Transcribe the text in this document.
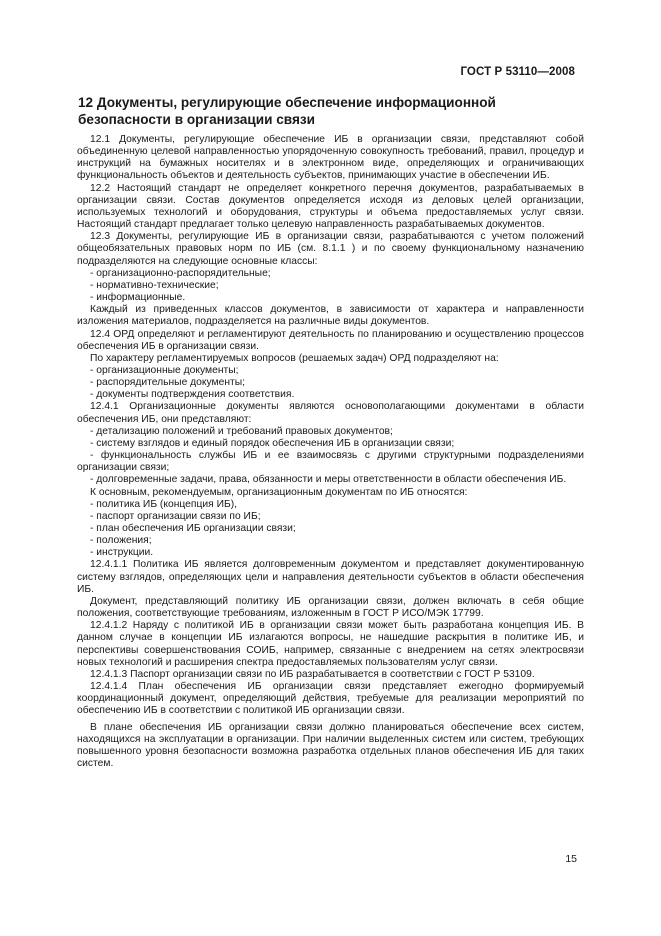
ГОСТ Р 53110—2008
12 Документы, регулирующие обеспечение информационной безопасности в организации связи

12.1 Документы, регулирующие обеспечение ИБ в организации связи, представляют собой объединенную целевой направленностью упорядоченную совокупность требований, правил, процедур и инструкций на бумажных носителях и в электронном виде, определяющих и ограничивающих функциональность объектов и деятельность субъектов, принимающих участие в обеспечении ИБ.

12.2 Настоящий стандарт не определяет конкретного перечня документов, разрабатываемых в организации связи. Состав документов определяется исходя из деловых целей организации, используемых технологий и оборудования, структуры и объема предоставляемых услуг связи. Настоящий стандарт предлагает только целевую направленность разрабатываемых документов.

12.3 Документы, регулирующие ИБ в организации связи, разрабатываются с учетом положений общеобязательных правовых норм по ИБ (см. 8.1.1 ) и по своему функциональному назначению подразделяются на следующие основные классы:

- организационно-распорядительные;

- нормативно-технические;

- информационные.

Каждый из приведенных классов документов, в зависимости от характера и направленности изложения материалов, подразделяется на различные виды документов.

12.4 ОРД определяют и регламентируют деятельность по планированию и осуществлению процессов обеспечения ИБ в организации связи.

По характеру регламентируемых вопросов (решаемых задач) ОРД подразделяют на:

- организационные документы;

- распорядительные документы;

- документы подтверждения соответствия.

12.4.1 Организационные документы являются основополагающими документами в области обеспечения ИБ, они представляют:

- детализацию положений и требований правовых документов;

- систему взглядов и единый порядок обеспечения ИБ в организации связи;

- функциональность службы ИБ и ее взаимосвязь с другими структурными подразделениями организации связи;

- долговременные задачи, права, обязанности и меры ответственности в области обеспечения ИБ.

К основным, рекомендуемым, организационным документам по ИБ относятся:

- политика ИБ (концепция ИБ),

- паспорт организации связи по ИБ;

- план обеспечения ИБ организации связи;

- положения;

- инструкции.

12.4.1.1 Политика ИБ является долговременным документом и представляет документированную систему взглядов, определяющих цели и направления деятельности субъектов в области обеспечения ИБ.

Документ, представляющий политику ИБ организации связи, должен включать в себя общие положения, соответствующие требованиям, изложенным в ГОСТ Р ИСО/МЭК 17799.

12.4.1.2 Наряду с политикой ИБ в организации связи может быть разработана концепция ИБ. В данном случае в концепции ИБ излагаются вопросы, не нашедшие раскрытия в политике ИБ, и перспективы совершенствования СОИБ, например, связанные с внедрением на сетях электросвязи новых технологий и расширения спектра предоставляемых пользователям услуг связи.

12.4.1.3 Паспорт организации связи по ИБ разрабатывается в соответствии с ГОСТ Р 53109.

12.4.1.4 План обеспечения ИБ организации связи представляет ежегодно формируемый координационный документ, определяющий действия, требуемые для реализации мероприятий по обеспечению ИБ в соответствии с политикой ИБ организации связи.

В плане обеспечения ИБ организации связи должно планироваться обеспечение всех систем, находящихся на эксплуатации в организации. При наличии выделенных систем или систем, требующих повышенного уровня безопасности возможна разработка отдельных планов обеспечения ИБ для таких систем.

15
